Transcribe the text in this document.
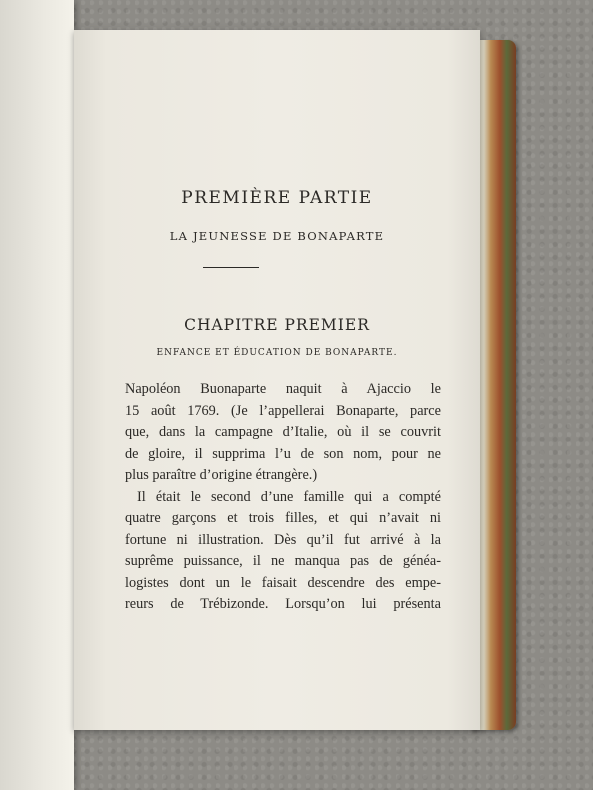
PREMIÈRE PARTIE
LA JEUNESSE DE BONAPARTE
CHAPITRE PREMIER
ENFANCE ET ÉDUCATION DE BONAPARTE.
Napoléon Buonaparte naquit à Ajaccio le
15 août 1769. (Je l’appellerai Bonaparte, parce
que, dans la campagne d’Italie, où il se couvrit
de gloire, il supprima l’u de son nom, pour ne
plus paraître d’origine étrangère.)
Il était le second d’une famille qui a compté
quatre garçons et trois filles, et qui n’avait ni
fortune ni illustration. Dès qu’il fut arrivé à la
suprême puissance, il ne manqua pas de généa-
logistes dont un le faisait descendre des empe-
reurs de Trébizonde. Lorsqu’on lui présenta
